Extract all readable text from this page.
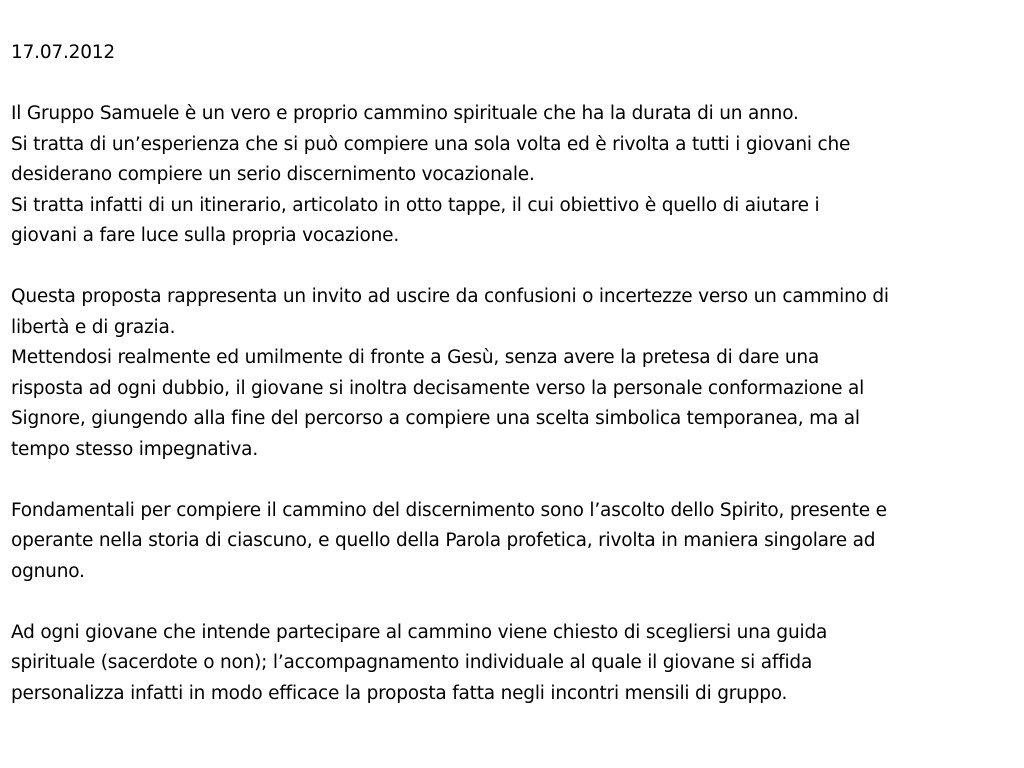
17.07.2012
Il Gruppo Samuele è un vero e proprio cammino spirituale che ha la durata di un anno.
Si tratta di un’esperienza che si può compiere una sola volta ed è rivolta a tutti i giovani che
desiderano compiere un serio discernimento vocazionale.
Si tratta infatti di un itinerario, articolato in otto tappe, il cui obiettivo è quello di aiutare i
giovani a fare luce sulla propria vocazione.
Questa proposta rappresenta un invito ad uscire da confusioni o incertezze verso un cammino di
libertà e di grazia.
Mettendosi realmente ed umilmente di fronte a Gesù, senza avere la pretesa di dare una
risposta ad ogni dubbio, il giovane si inoltra decisamente verso la personale conformazione al
Signore, giungendo alla fine del percorso a compiere una scelta simbolica temporanea, ma al
tempo stesso impegnativa.
Fondamentali per compiere il cammino del discernimento sono l’ascolto dello Spirito, presente e
operante nella storia di ciascuno, e quello della Parola profetica, rivolta in maniera singolare ad
ognuno.
Ad ogni giovane che intende partecipare al cammino viene chiesto di scegliersi una guida
spirituale (sacerdote o non); l’accompagnamento individuale al quale il giovane si affida
personalizza infatti in modo efficace la proposta fatta negli incontri mensili di gruppo.
